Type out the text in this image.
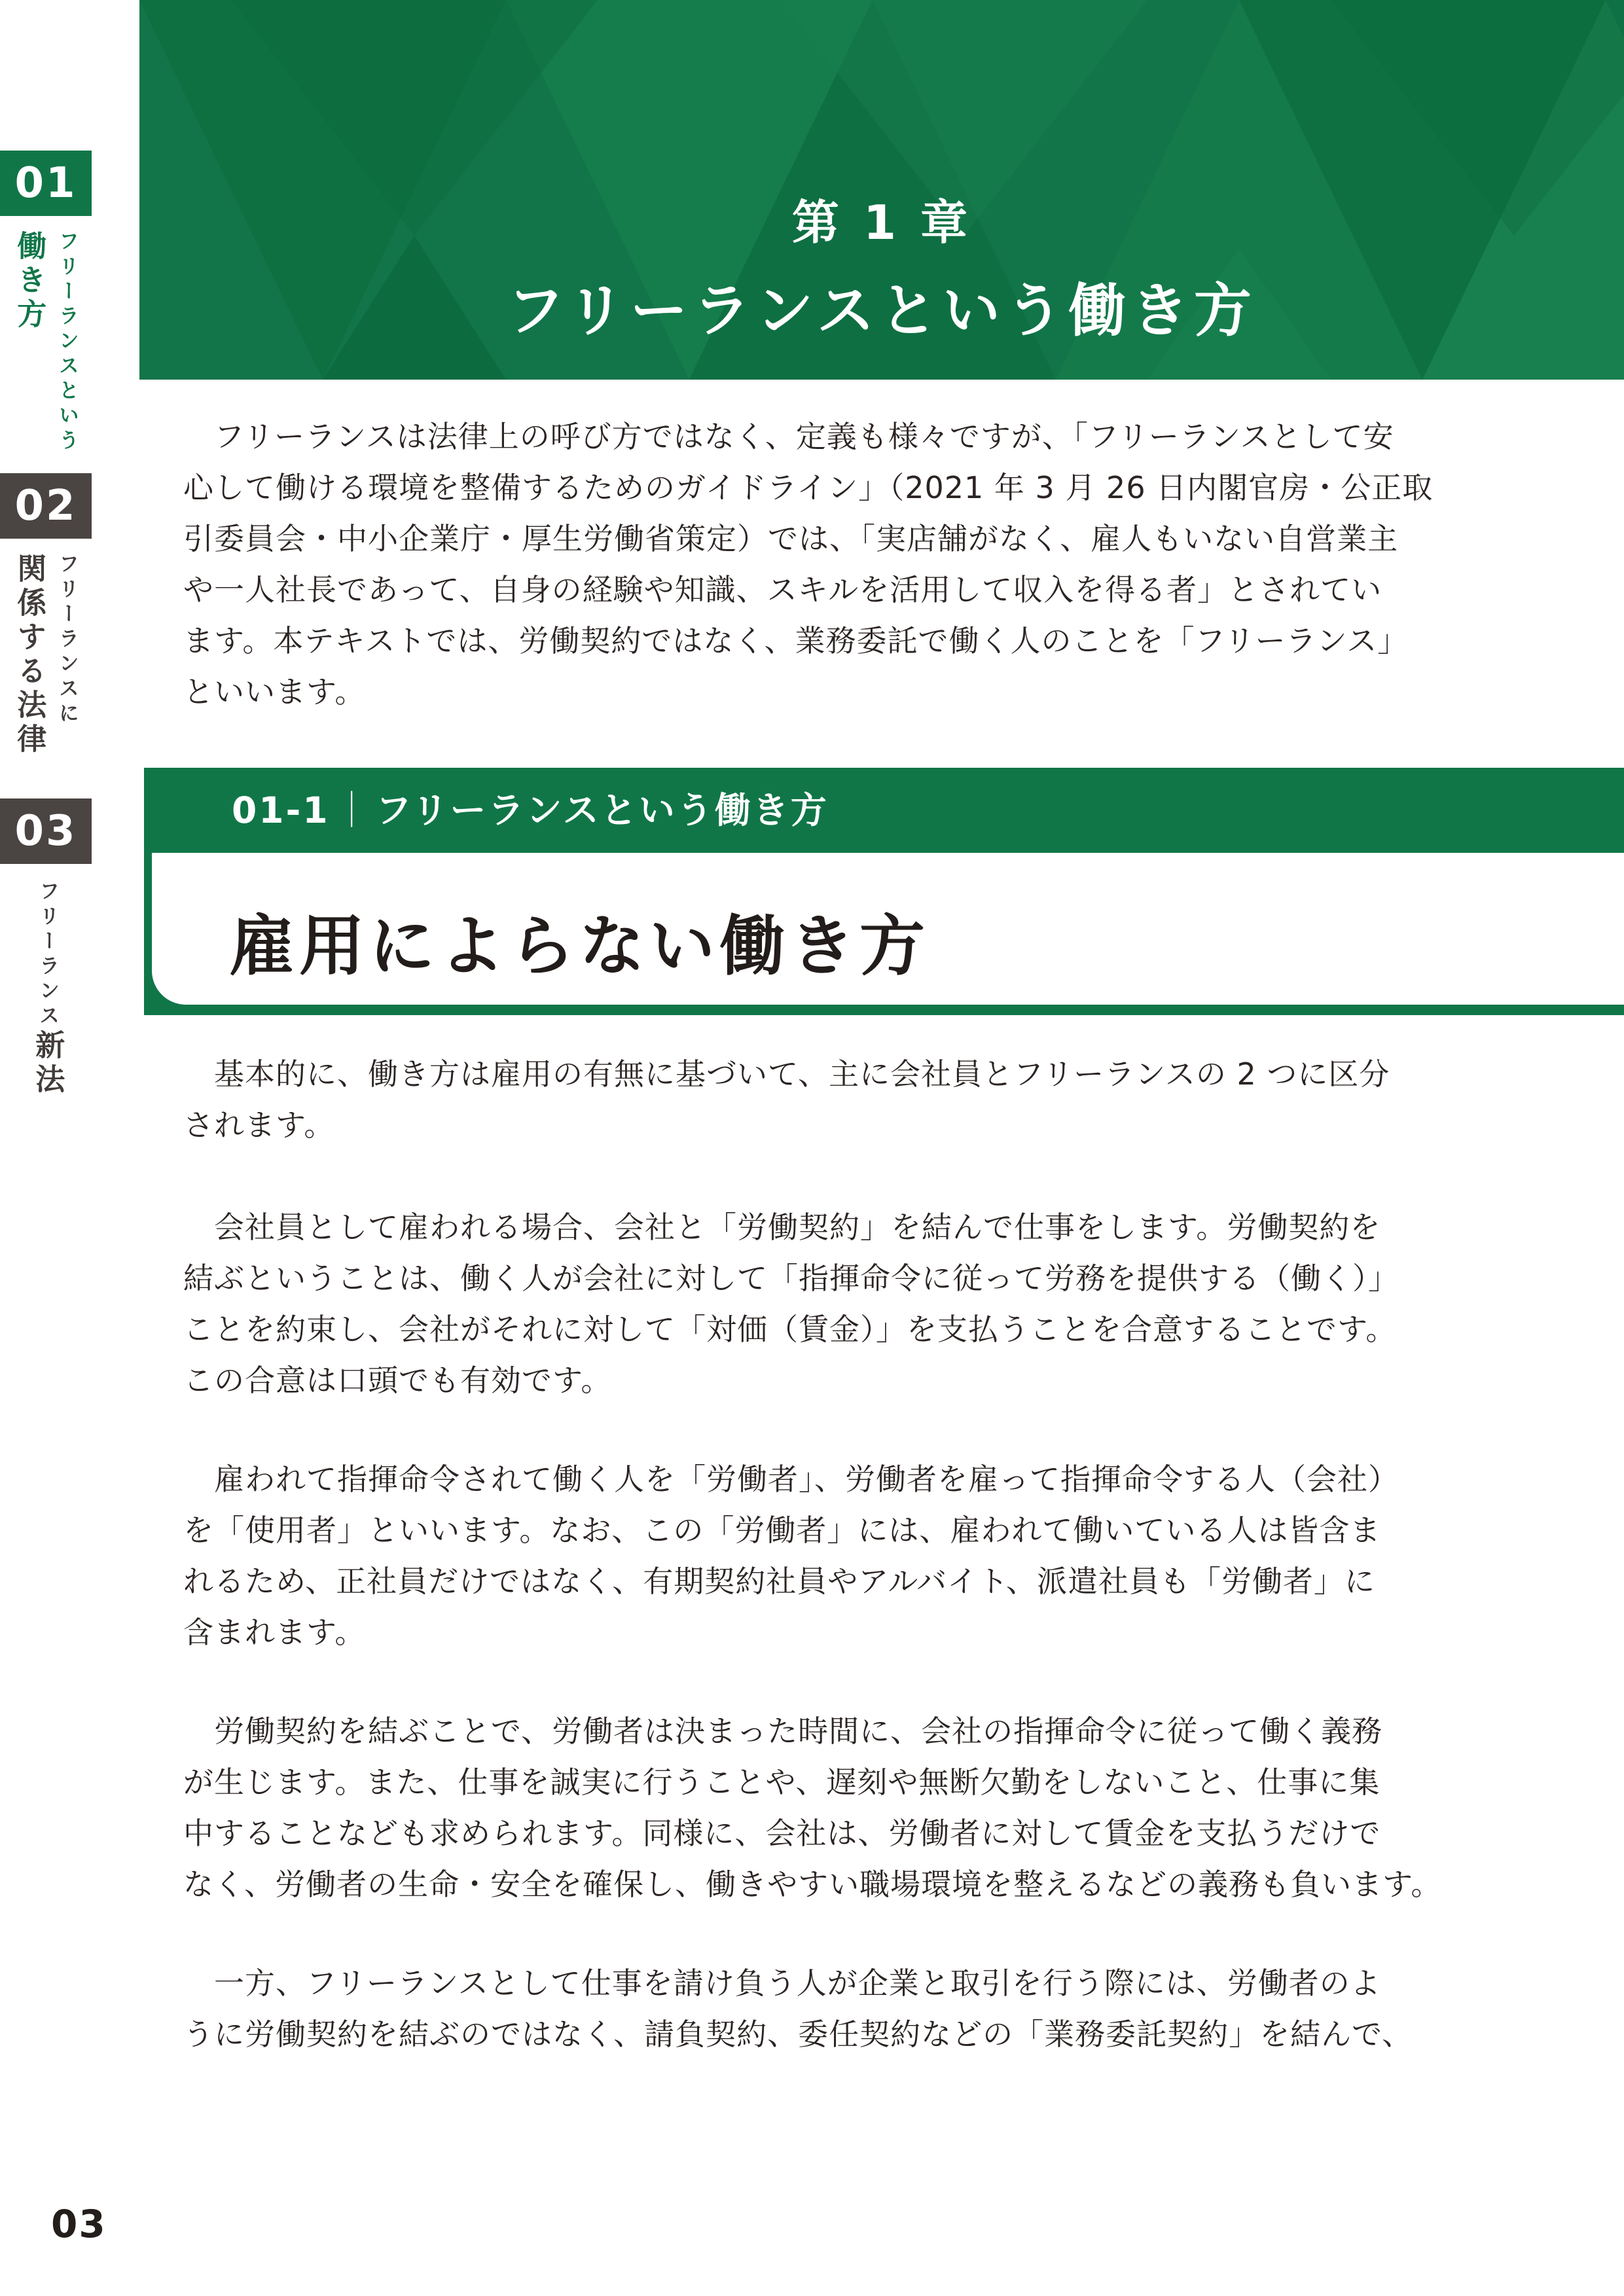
第 1 章
フリーランスという働き方
01
フリーランスという
働き方
02
フリーランスに
関係する法律
03
フリーランス新法
　フリーランスは法律上の呼び方ではなく、定義も様々ですが、「フリーランスとして安
心して働ける環境を整備するためのガイドライン」（2021 年 3 月 26 日内閣官房・公正取
引委員会・中小企業庁・厚生労働省策定）では、「実店舗がなく、雇人もいない自営業主
や一人社長であって、自身の経験や知識、スキルを活用して収入を得る者」とされてい
ます。本テキストでは、労働契約ではなく、業務委託で働く人のことを「フリーランス」
といいます。
01-1 ｜ フリーランスという働き方
雇用によらない働き方
　基本的に、働き方は雇用の有無に基づいて、主に会社員とフリーランスの 2 つに区分
されます。
　会社員として雇われる場合、会社と「労働契約」を結んで仕事をします。労働契約を
結ぶということは、働く人が会社に対して「指揮命令に従って労務を提供する（働く）」
ことを約束し、会社がそれに対して「対価（賃金）」を支払うことを合意することです。
この合意は口頭でも有効です。
　雇われて指揮命令されて働く人を「労働者」、労働者を雇って指揮命令する人（会社）
を「使用者」といいます。なお、この「労働者」には、雇われて働いている人は皆含ま
れるため、正社員だけではなく、有期契約社員やアルバイト、派遣社員も「労働者」に
含まれます。
　労働契約を結ぶことで、労働者は決まった時間に、会社の指揮命令に従って働く義務
が生じます。また、仕事を誠実に行うことや、遅刻や無断欠勤をしないこと、仕事に集
中することなども求められます。同様に、会社は、労働者に対して賃金を支払うだけで
なく、労働者の生命・安全を確保し、働きやすい職場環境を整えるなどの義務も負います。
　一方、フリーランスとして仕事を請け負う人が企業と取引を行う際には、労働者のよ
うに労働契約を結ぶのではなく、請負契約、委任契約などの「業務委託契約」を結んで、
03
